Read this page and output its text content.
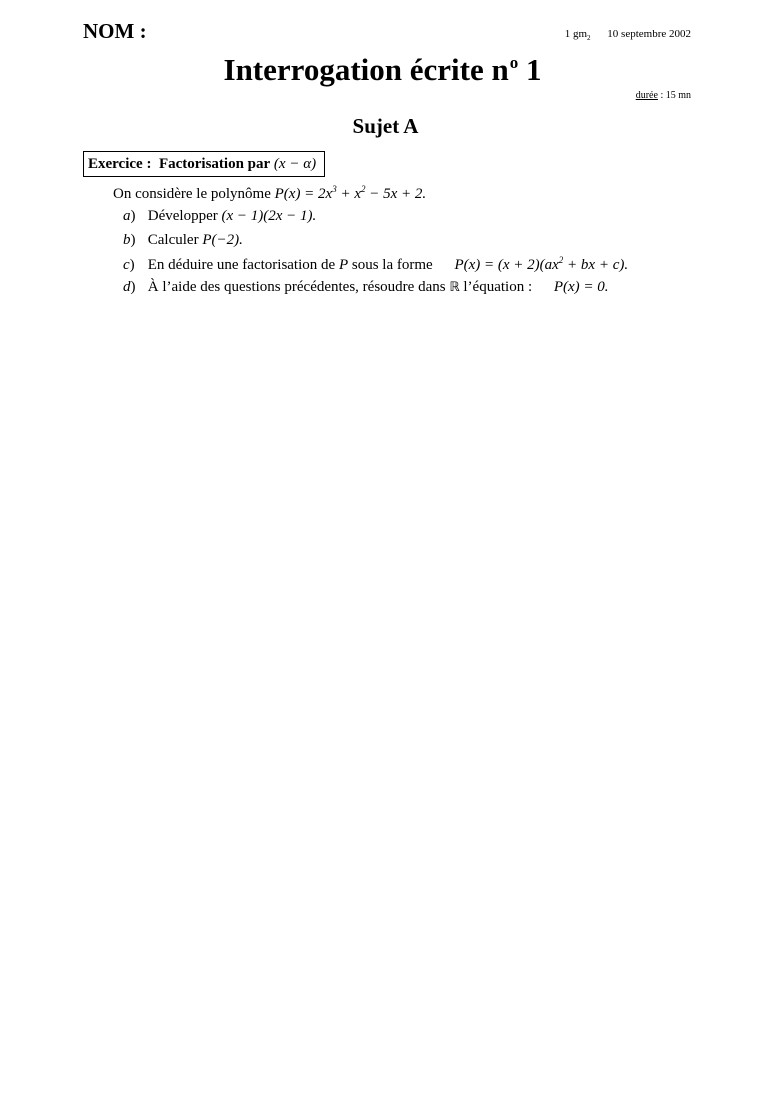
NOM :	1 $gm_2$ 10 septembre 2002
Interrogation écrite $n^o$ 1
durée : 15 mn
Sujet A
Exercice : Factorisation par (x − α)
On considère le polynôme $P(x) = 2x^3 + x^2 - 5x + 2$.
a) Développer (x − 1)(2x − 1).
b) Calculer P(−2).
c) En déduire une factorisation de P sous la forme $P(x) = (x + 2)(ax^2$ + bx + c).
d) À l’aide des questions précédentes, résoudre dans ℝ l’équation : P(x) = 0.
